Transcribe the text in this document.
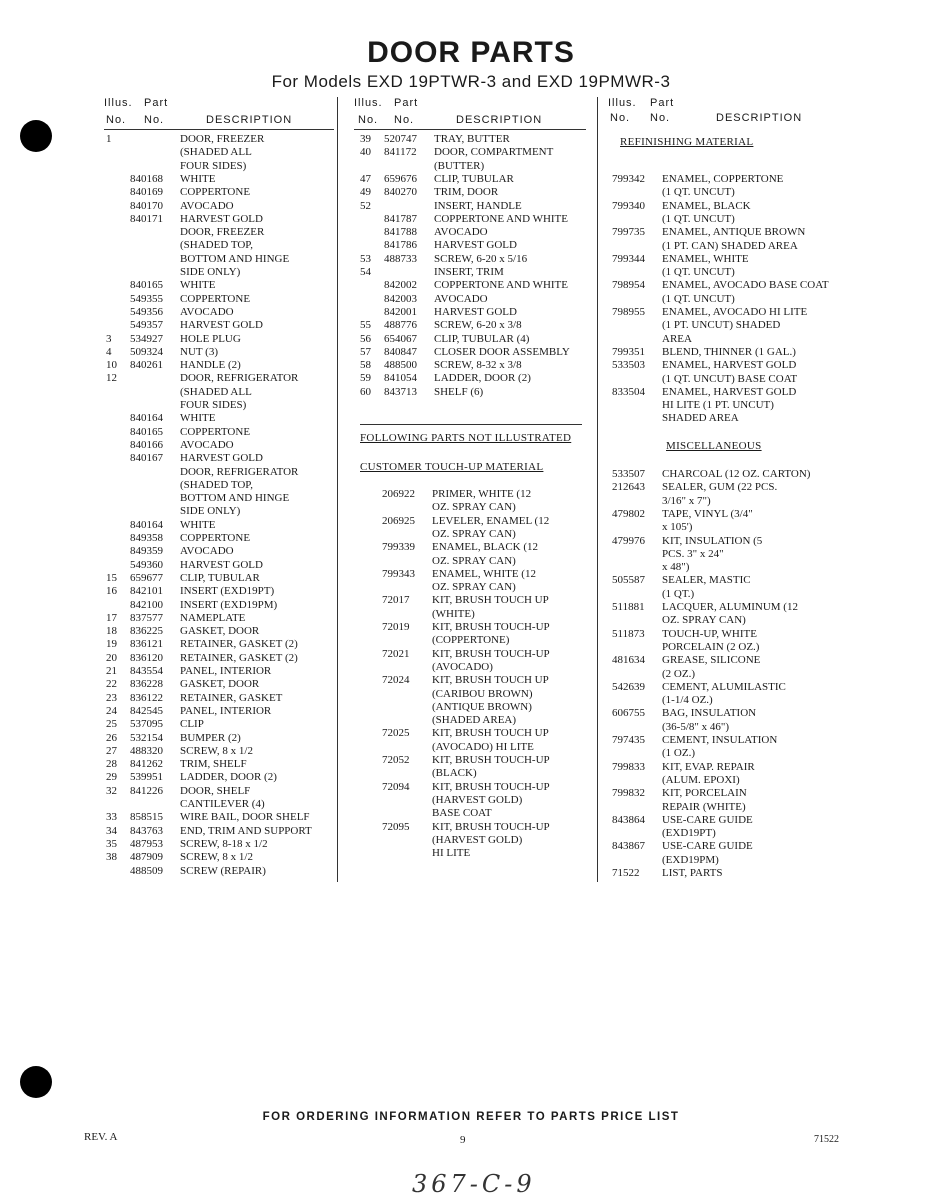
DOOR PARTS
For Models EXD 19PTWR-3 and EXD 19PMWR-3
Illus. Part
No. No.	DESCRIPTION
Illus. Part
No. No.	DESCRIPTION
Illus. Part
No. No.	DESCRIPTION
1	DOOR, FREEZER
(SHADED ALL
FOUR SIDES)
840168 WHITE
840169 COPPERTONE
840170 AVOCADO
840171 HARVEST GOLD
DOOR, FREEZER
(SHADED TOP,
BOTTOM AND HINGE
SIDE ONLY)
840165 WHITE
549355 COPPERTONE
549356 AVOCADO
549357 HARVEST GOLD
3 534927 HOLE PLUG
4 509324 NUT (3)
10 840261 HANDLE (2)
12	DOOR, REFRIGERATOR
(SHADED ALL
FOUR SIDES)
840164 WHITE
840165 COPPERTONE
840166 AVOCADO
840167 HARVEST GOLD
DOOR, REFRIGERATOR
(SHADED TOP,
BOTTOM AND HINGE
SIDE ONLY)
840164 WHITE
849358 COPPERTONE
849359 AVOCADO
549360 HARVEST GOLD
15 659677 CLIP, TUBULAR
16 842101 INSERT (EXD19PT)
842100 INSERT (EXD19PM)
17 837577 NAMEPLATE
18 836225 GASKET, DOOR
19 836121 RETAINER, GASKET (2)
20 836120 RETAINER, GASKET (2)
21 843554 PANEL, INTERIOR
22 836228 GASKET, DOOR
23 836122 RETAINER, GASKET
24 842545 PANEL, INTERIOR
25 537095 CLIP
26 532154 BUMPER (2)
27 488320 SCREW, 8 x 1/2
28 841262 TRIM, SHELF
29 539951 LADDER, DOOR (2)
32 841226 DOOR, SHELF
CANTILEVER (4)
33 858515 WIRE BAIL, DOOR SHELF
34 843763 END, TRIM AND SUPPORT
35 487953 SCREW, 8-18 x 1/2
38 487909 SCREW, 8 x 1/2
488509 SCREW (REPAIR)
39 520747 TRAY, BUTTER
40 841172 DOOR, COMPARTMENT
(BUTTER)
47 659676 CLIP, TUBULAR
49 840270 TRIM, DOOR
52	INSERT, HANDLE
841787 COPPERTONE AND WHITE
841788 AVOCADO
841786 HARVEST GOLD
53 488733 SCREW, 6-20 x 5/16
54	INSERT, TRIM
842002 COPPERTONE AND WHITE
842003 AVOCADO
842001 HARVEST GOLD
55 488776 SCREW, 6-20 x 3/8
56 654067 CLIP, TUBULAR (4)
57 840847 CLOSER DOOR ASSEMBLY
58 488500 SCREW, 8-32 x 3/8
59 841054 LADDER, DOOR (2)
60 843713 SHELF (6)
206922 PRIMER, WHITE (12
OZ. SPRAY CAN)
206925 LEVELER, ENAMEL (12
OZ. SPRAY CAN)
799339 ENAMEL, BLACK (12
OZ. SPRAY CAN)
799343 ENAMEL, WHITE (12
OZ. SPRAY CAN)
72017 KIT, BRUSH TOUCH UP
(WHITE)
72019 KIT, BRUSH TOUCH-UP
(COPPERTONE)
72021 KIT, BRUSH TOUCH-UP
(AVOCADO)
72024 KIT, BRUSH TOUCH UP
(CARIBOU BROWN)
(ANTIQUE BROWN)
(SHADED AREA)
72025 KIT, BRUSH TOUCH UP
(AVOCADO) HI LITE
72052 KIT, BRUSH TOUCH-UP
(BLACK)
72094 KIT, BRUSH TOUCH-UP
(HARVEST GOLD)
BASE COAT
72095 KIT, BRUSH TOUCH-UP
(HARVEST GOLD)
HI LITE
799342 ENAMEL, COPPERTONE
(1 QT. UNCUT)
799340 ENAMEL, BLACK
(1 QT. UNCUT)
799735 ENAMEL, ANTIQUE BROWN
(1 PT. CAN) SHADED AREA
799344 ENAMEL, WHITE
(1 QT. UNCUT)
798954 ENAMEL, AVOCADO BASE COAT
(1 QT. UNCUT)
798955 ENAMEL, AVOCADO HI LITE
(1 PT. UNCUT) SHADED
AREA
799351 BLEND, THINNER (1 GAL.)
533503 ENAMEL, HARVEST GOLD
(1 QT. UNCUT) BASE COAT
833504 ENAMEL, HARVEST GOLD
HI LITE (1 PT. UNCUT)
SHADED AREA
533507 CHARCOAL (12 OZ. CARTON)
212643 SEALER, GUM (22 PCS.
3/16" x 7")
479802 TAPE, VINYL (3/4"
x 105')
479976 KIT, INSULATION (5
PCS. 3" x 24"
x 48")
505587 SEALER, MASTIC
(1 QT.)
511881 LACQUER, ALUMINUM (12
OZ. SPRAY CAN)
511873 TOUCH-UP, WHITE
PORCELAIN (2 OZ.)
481634 GREASE, SILICONE
(2 OZ.)
542639 CEMENT, ALUMILASTIC
(1-1/4 OZ.)
606755 BAG, INSULATION
(36-5/8" x 46")
797435 CEMENT, INSULATION
(1 OZ.)
799833 KIT, EVAP. REPAIR
(ALUM. EPOXI)
799832 KIT, PORCELAIN
REPAIR (WHITE)
843864 USE-CARE GUIDE
(EXD19PT)
843867 USE-CARE GUIDE
(EXD19PM)
71522 LIST, PARTS
FOLLOWING PARTS NOT ILLUSTRATED
CUSTOMER TOUCH-UP MATERIAL
REFINISHING MATERIAL
MISCELLANEOUS
FOR ORDERING INFORMATION REFER TO PARTS PRICE LIST
REV. A	9	71522
367-C-9
